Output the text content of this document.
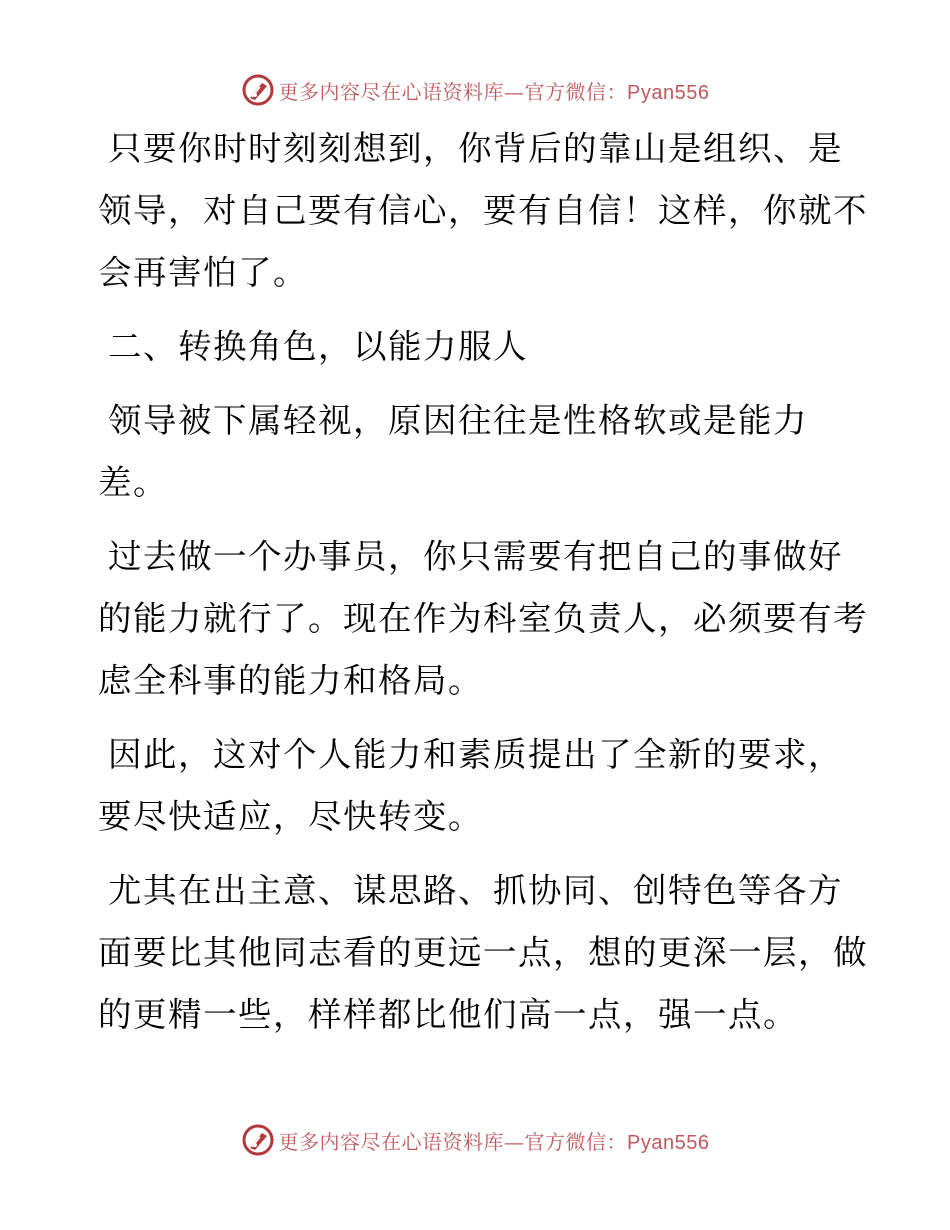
更多内容尽在心语资料库—官方微信：Pyan556

只要你时时刻刻想到，你背后的靠山是组织、是领导，对自己要有信心，要有自信！这样，你就不会再害怕了。

二、转换角色，以能力服人

领导被下属轻视，原因往往是性格软或是能力差。

过去做一个办事员，你只需要有把自己的事做好的能力就行了。现在作为科室负责人，必须要有考虑全科事的能力和格局。

因此，这对个人能力和素质提出了全新的要求，要尽快适应，尽快转变。

尤其在出主意、谋思路、抓协同、创特色等各方面要比其他同志看的更远一点，想的更深一层，做的更精一些，样样都比他们高一点，强一点。

更多内容尽在心语资料库—官方微信：Pyan556
